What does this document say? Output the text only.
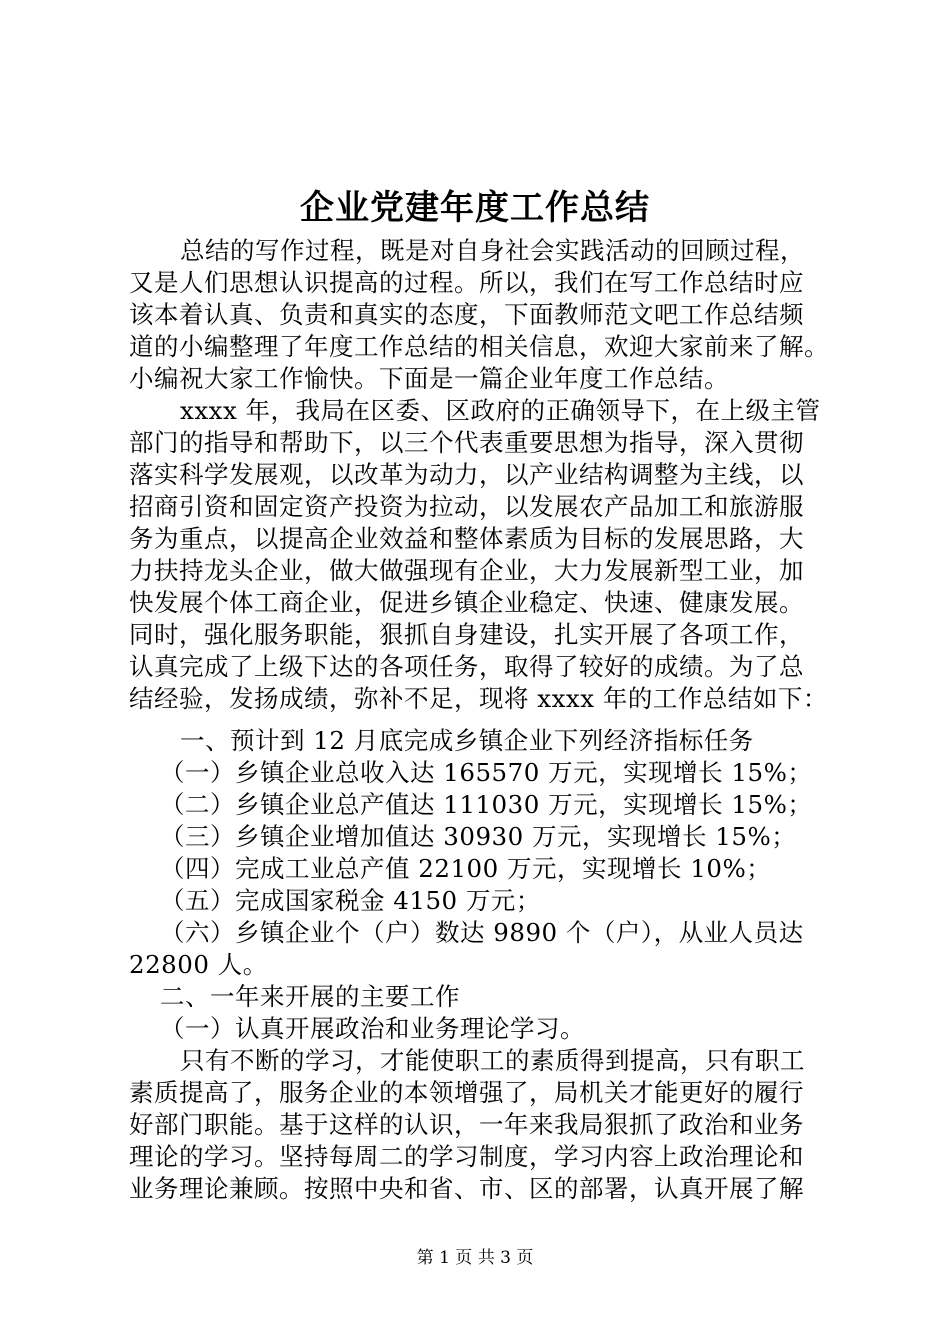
企业党建年度工作总结
总结的写作过程，既是对自身社会实践活动的回顾过程，
又是人们思想认识提高的过程。所以，我们在写工作总结时应
该本着认真、负责和真实的态度，下面教师范文吧工作总结频
道的小编整理了年度工作总结的相关信息，欢迎大家前来了解。
小编祝大家工作愉快。下面是一篇企业年度工作总结。
xxxx 年，我局在区委、区政府的正确领导下，在上级主管
部门的指导和帮助下，以三个代表重要思想为指导，深入贯彻
落实科学发展观，以改革为动力，以产业结构调整为主线，以
招商引资和固定资产投资为拉动，以发展农产品加工和旅游服
务为重点，以提高企业效益和整体素质为目标的发展思路，大
力扶持龙头企业，做大做强现有企业，大力发展新型工业，加
快发展个体工商企业，促进乡镇企业稳定、快速、健康发展。
同时，强化服务职能，狠抓自身建设，扎实开展了各项工作，
认真完成了上级下达的各项任务，取得了较好的成绩。为了总
结经验，发扬成绩，弥补不足，现将 xxxx 年的工作总结如下：
一、预计到 12 月底完成乡镇企业下列经济指标任务
（一）乡镇企业总收入达 165570 万元，实现增长 15%；
（二）乡镇企业总产值达 111030 万元，实现增长 15%；
（三）乡镇企业增加值达 30930 万元，实现增长 15%；
（四）完成工业总产值 22100 万元，实现增长 10%；
（五）完成国家税金 4150 万元；
（六）乡镇企业个（户）数达 9890 个（户），从业人员达
22800 人。
二、一年来开展的主要工作
（一）认真开展政治和业务理论学习。
只有不断的学习，才能使职工的素质得到提高，只有职工
素质提高了，服务企业的本领增强了，局机关才能更好的履行
好部门职能。基于这样的认识，一年来我局狠抓了政治和业务
理论的学习。坚持每周二的学习制度，学习内容上政治理论和
业务理论兼顾。按照中央和省、市、区的部署，认真开展了解
第 1 页 共 3 页
